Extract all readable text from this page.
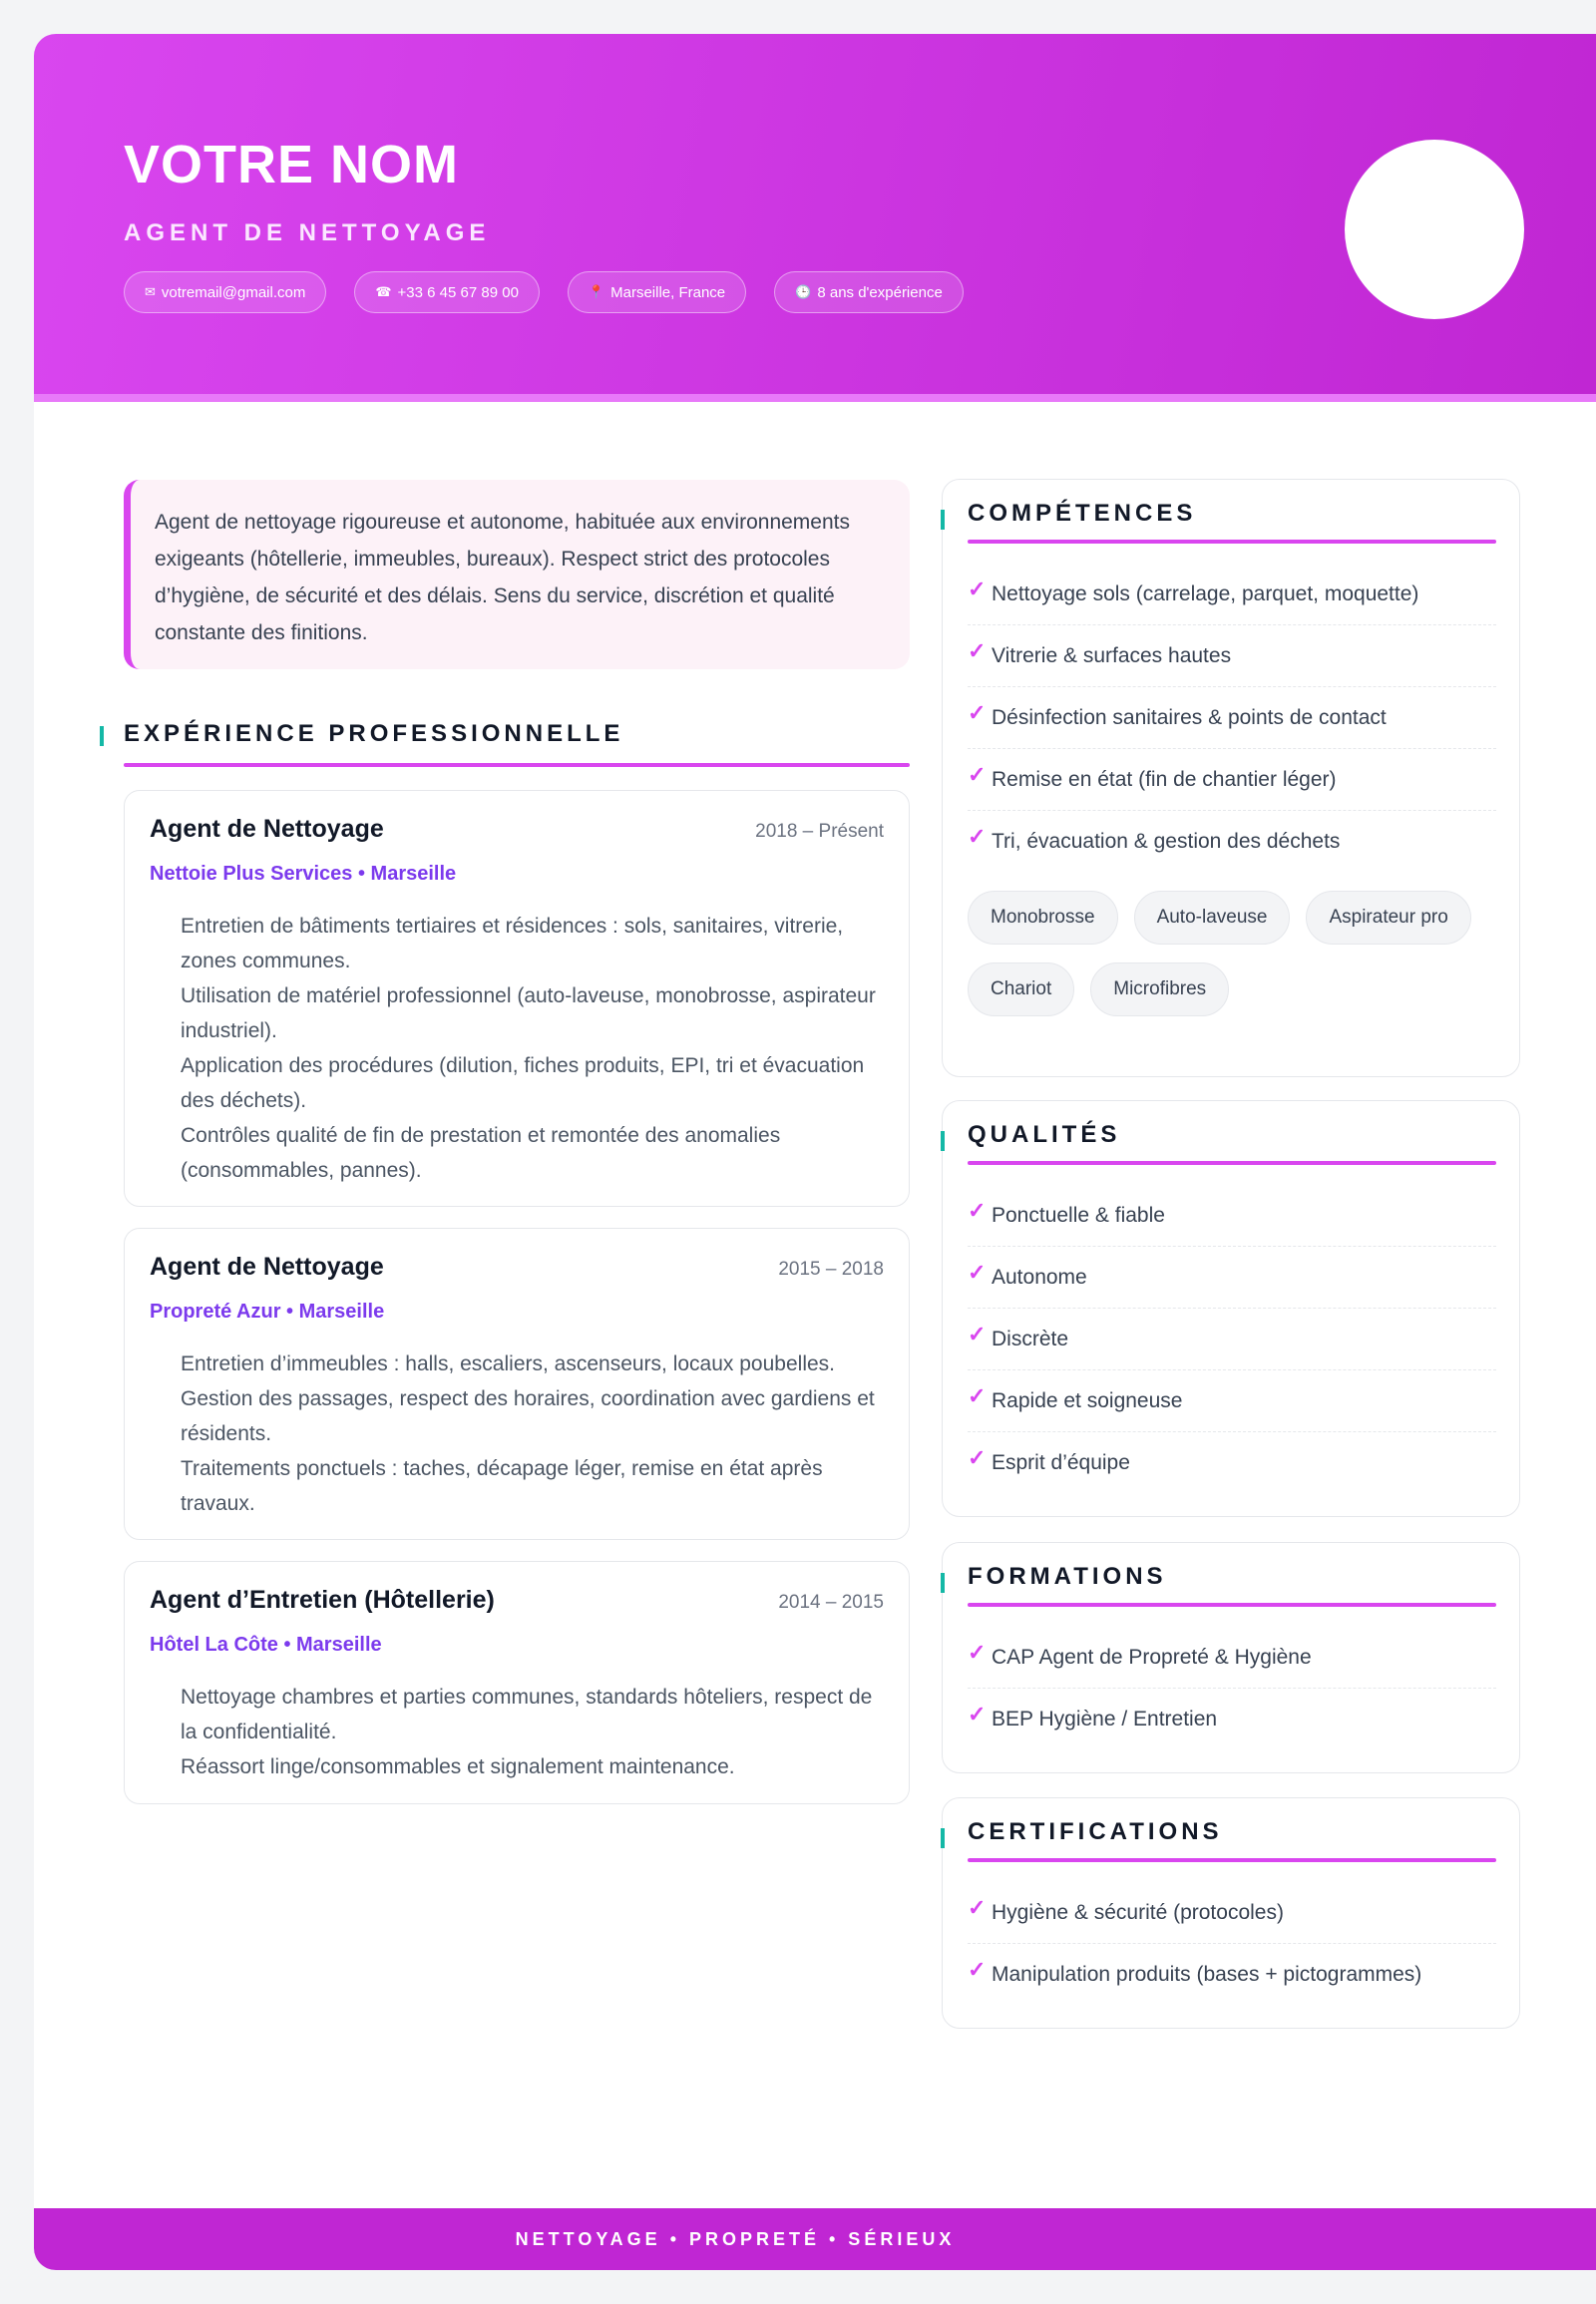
VOTRE NOM
AGENT DE NETTOYAGE
✉ votremail@gmail.com	☎ +33 6 45 67 89 00	📍 Marseille, France	🕒 8 ans d'expérience
Agent de nettoyage rigoureuse et autonome, habituée aux environnements exigeants (hôtellerie, immeubles, bureaux). Respect strict des protocoles d’hygiène, de sécurité et des délais. Sens du service, discrétion et qualité constante des finitions.
EXPÉRIENCE PROFESSIONNELLE
Agent de Nettoyage	2018 – Présent
Nettoie Plus Services • Marseille
Entretien de bâtiments tertiaires et résidences : sols, sanitaires, vitrerie, zones communes.
Utilisation de matériel professionnel (auto-laveuse, monobrosse, aspirateur industriel).
Application des procédures (dilution, fiches produits, EPI, tri et évacuation des déchets).
Contrôles qualité de fin de prestation et remontée des anomalies (consommables, pannes).
Agent de Nettoyage	2015 – 2018
Propreté Azur • Marseille
Entretien d’immeubles : halls, escaliers, ascenseurs, locaux poubelles.
Gestion des passages, respect des horaires, coordination avec gardiens et résidents.
Traitements ponctuels : taches, décapage léger, remise en état après travaux.
Agent d’Entretien (Hôtellerie)	2014 – 2015
Hôtel La Côte • Marseille
Nettoyage chambres et parties communes, standards hôteliers, respect de la confidentialité.
Réassort linge/consommables et signalement maintenance.
COMPÉTENCES
✓ Nettoyage sols (carrelage, parquet, moquette)
✓ Vitrerie & surfaces hautes
✓ Désinfection sanitaires & points de contact
✓ Remise en état (fin de chantier léger)
✓ Tri, évacuation & gestion des déchets
Monobrosse	Auto-laveuse	Aspirateur pro
Chariot	Microfibres
QUALITÉS
✓ Ponctuelle & fiable
✓ Autonome
✓ Discrète
✓ Rapide et soigneuse
✓ Esprit d’équipe
FORMATIONS
✓ CAP Agent de Propreté & Hygiène
✓ BEP Hygiène / Entretien
CERTIFICATIONS
✓ Hygiène & sécurité (protocoles)
✓ Manipulation produits (bases + pictogrammes)
NETTOYAGE • PROPRETÉ • SÉRIEUX
